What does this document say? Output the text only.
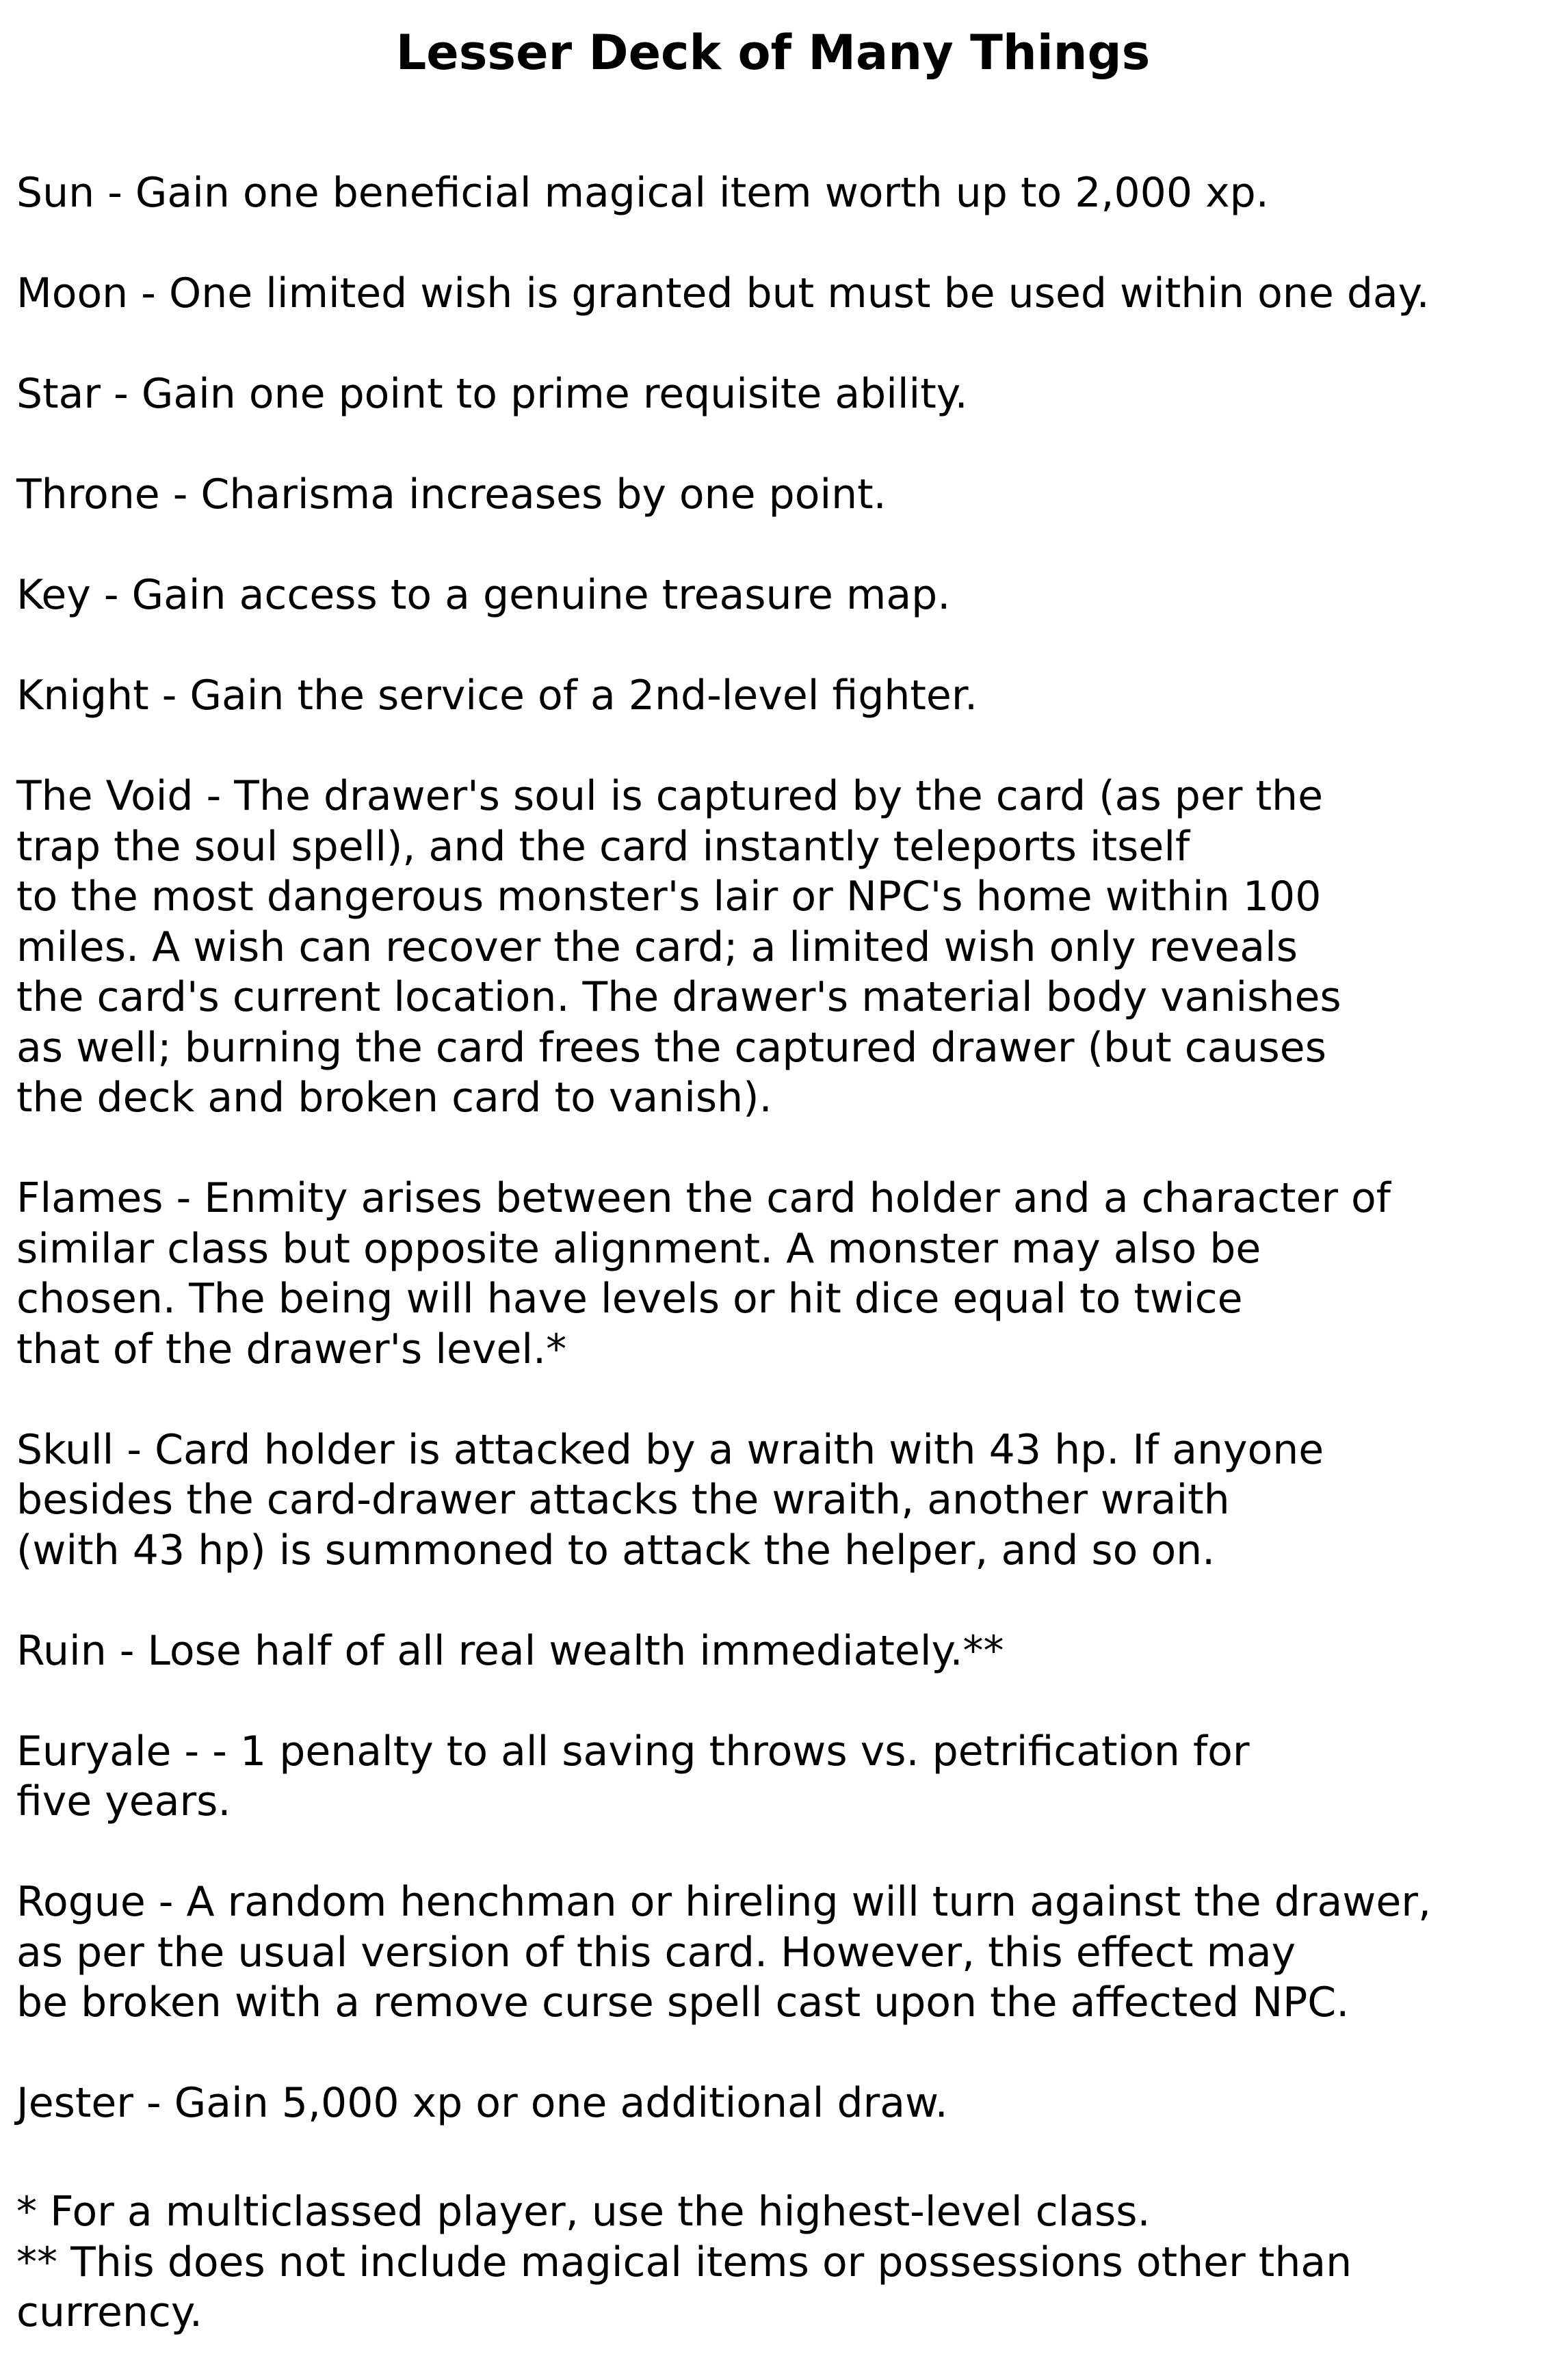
Lesser Deck of Many Things

Sun - Gain one beneficial magical item worth up to 2,000 xp.

Moon - One limited wish is granted but must be used within one day.

Star - Gain one point to prime requisite ability.

Throne - Charisma increases by one point.

Key - Gain access to a genuine treasure map.

Knight - Gain the service of a 2nd-level fighter.

The Void - The drawer's soul is captured by the card (as per the
trap the soul spell), and the card instantly teleports itself
to the most dangerous monster's lair or NPC's home within 100
miles. A wish can recover the card; a limited wish only reveals
the card's current location. The drawer's material body vanishes
as well; burning the card frees the captured drawer (but causes
the deck and broken card to vanish).

Flames - Enmity arises between the card holder and a character of
similar class but opposite alignment. A monster may also be
chosen. The being will have levels or hit dice equal to twice
that of the drawer's level.*

Skull - Card holder is attacked by a wraith with 43 hp. If anyone
besides the card-drawer attacks the wraith, another wraith
(with 43 hp) is summoned to attack the helper, and so on.

Ruin - Lose half of all real wealth immediately.**

Euryale - - 1 penalty to all saving throws vs. petrification for
five years.

Rogue - A random henchman or hireling will turn against the drawer,
as per the usual version of this card. However, this effect may
be broken with a remove curse spell cast upon the affected NPC.

Jester - Gain 5,000 xp or one additional draw.

* For a multiclassed player, use the highest-level class.

** This does not include magical items or possessions other than
currency.
